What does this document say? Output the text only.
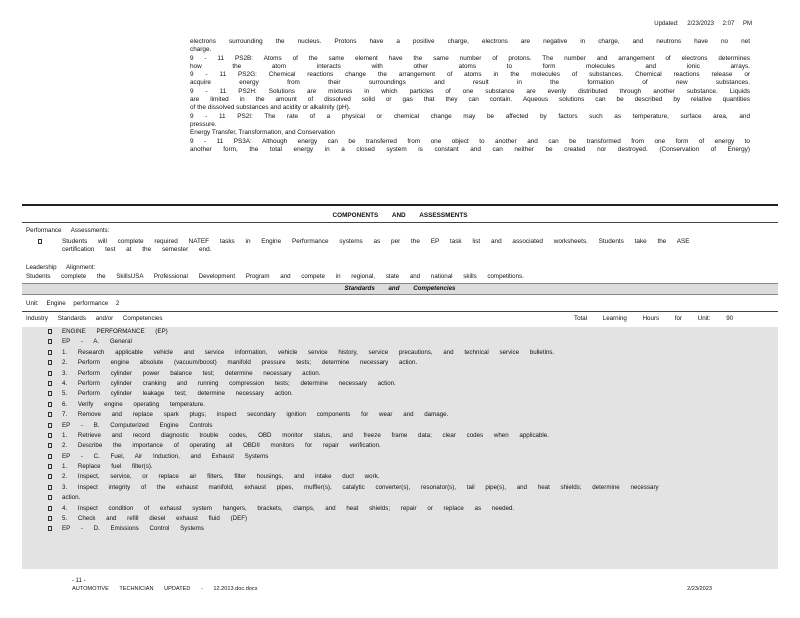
Updated: 2/23/2023 2:07 PM
electrons surrounding the nucleus. Protons have a positive charge, electrons are negative in charge, and neutrons have no net
charge.
9 - 11 PS2B: Atoms of the same element have the same number of protons. The number and arrangement of electrons determines
how the atom interacts with other atoms to form molecules and ionic arrays.
9 - 11 PS2G: Chemical reactions change the arrangement of atoms in the molecules of substances. Chemical reactions release or
acquire energy from their surroundings and result in the formation of new substances.
9 - 11 PS2H: Solutions are mixtures in which particles of one substance are evenly distributed through another substance. Liquids
are limited in the amount of dissolved solid or gas that they can contain. Aqueous solutions can be described by relative quantities
of the dissolved substances and acidity or alkalinity (pH).
9 - 11 PS2I: The rate of a physical or chemical change may be affected by factors such as temperature, surface area, and
pressure.
Energy Transfer, Transformation, and Conservation
9 - 11 PS3A: Although energy can be transferred from one object to another and can be transformed from one form of energy to
another form, the total energy in a closed system is constant and can neither be created nor destroyed. (Conservation of Energy)
COMPONENTS AND ASSESSMENTS
Performance Assessments:
Students will complete required NATEF tasks in Engine Performance systems as per the EP task list and associated worksheets. Students take the ASE
certification test at the semester end.
Leadership Alignment:
Students complete the SkillsUSA Professional Development Program and compete in regional, state and national skills competitions.
Standards and Competencies
Unit: Engine performance 2
Industry Standards and/or Competencies	Total Learning Hours for Unit: 90
ENGINE PERFORMANCE (EP)
EP - A. General
1. Research applicable vehicle and service information, vehicle service history, service precautions, and technical service bulletins.
2. Perform engine absolute (vacuum/boost) manifold pressure tests; determine necessary action.
3. Perform cylinder power balance test; determine necessary action.
4. Perform cylinder cranking and running compression tests; determine necessary action.
5. Perform cylinder leakage test; determine necessary action.
6. Verify engine operating temperature.
7. Remove and replace spark plugs; inspect secondary ignition components for wear and damage.
EP - B. Computerized Engine Controls
1. Retrieve and record diagnostic trouble codes, OBD monitor status, and freeze frame data; clear codes when applicable.
2. Describe the importance of operating all OBDII monitors for repair verification.
EP - C. Fuel, Air Induction, and Exhaust Systems
1. Replace fuel filter(s).
2. Inspect, service, or replace air filters, filter housings, and intake duct work.
3. Inspect integrity of the exhaust manifold, exhaust pipes, muffler(s), catalytic converter(s), resonator(s), tail pipe(s), and heat shields; determine necessary
action.
4. Inspect condition of exhaust system hangers, brackets, clamps, and heat shields; repair or replace as needed.
5. Check and refill diesel exhaust fluid (DEF)
EP - D. Emissions Control Systems
- 11 -
AUTOMOTIVE TECHNICIAN UPDATED - 12.2013.doc.docx	2/23/2023
